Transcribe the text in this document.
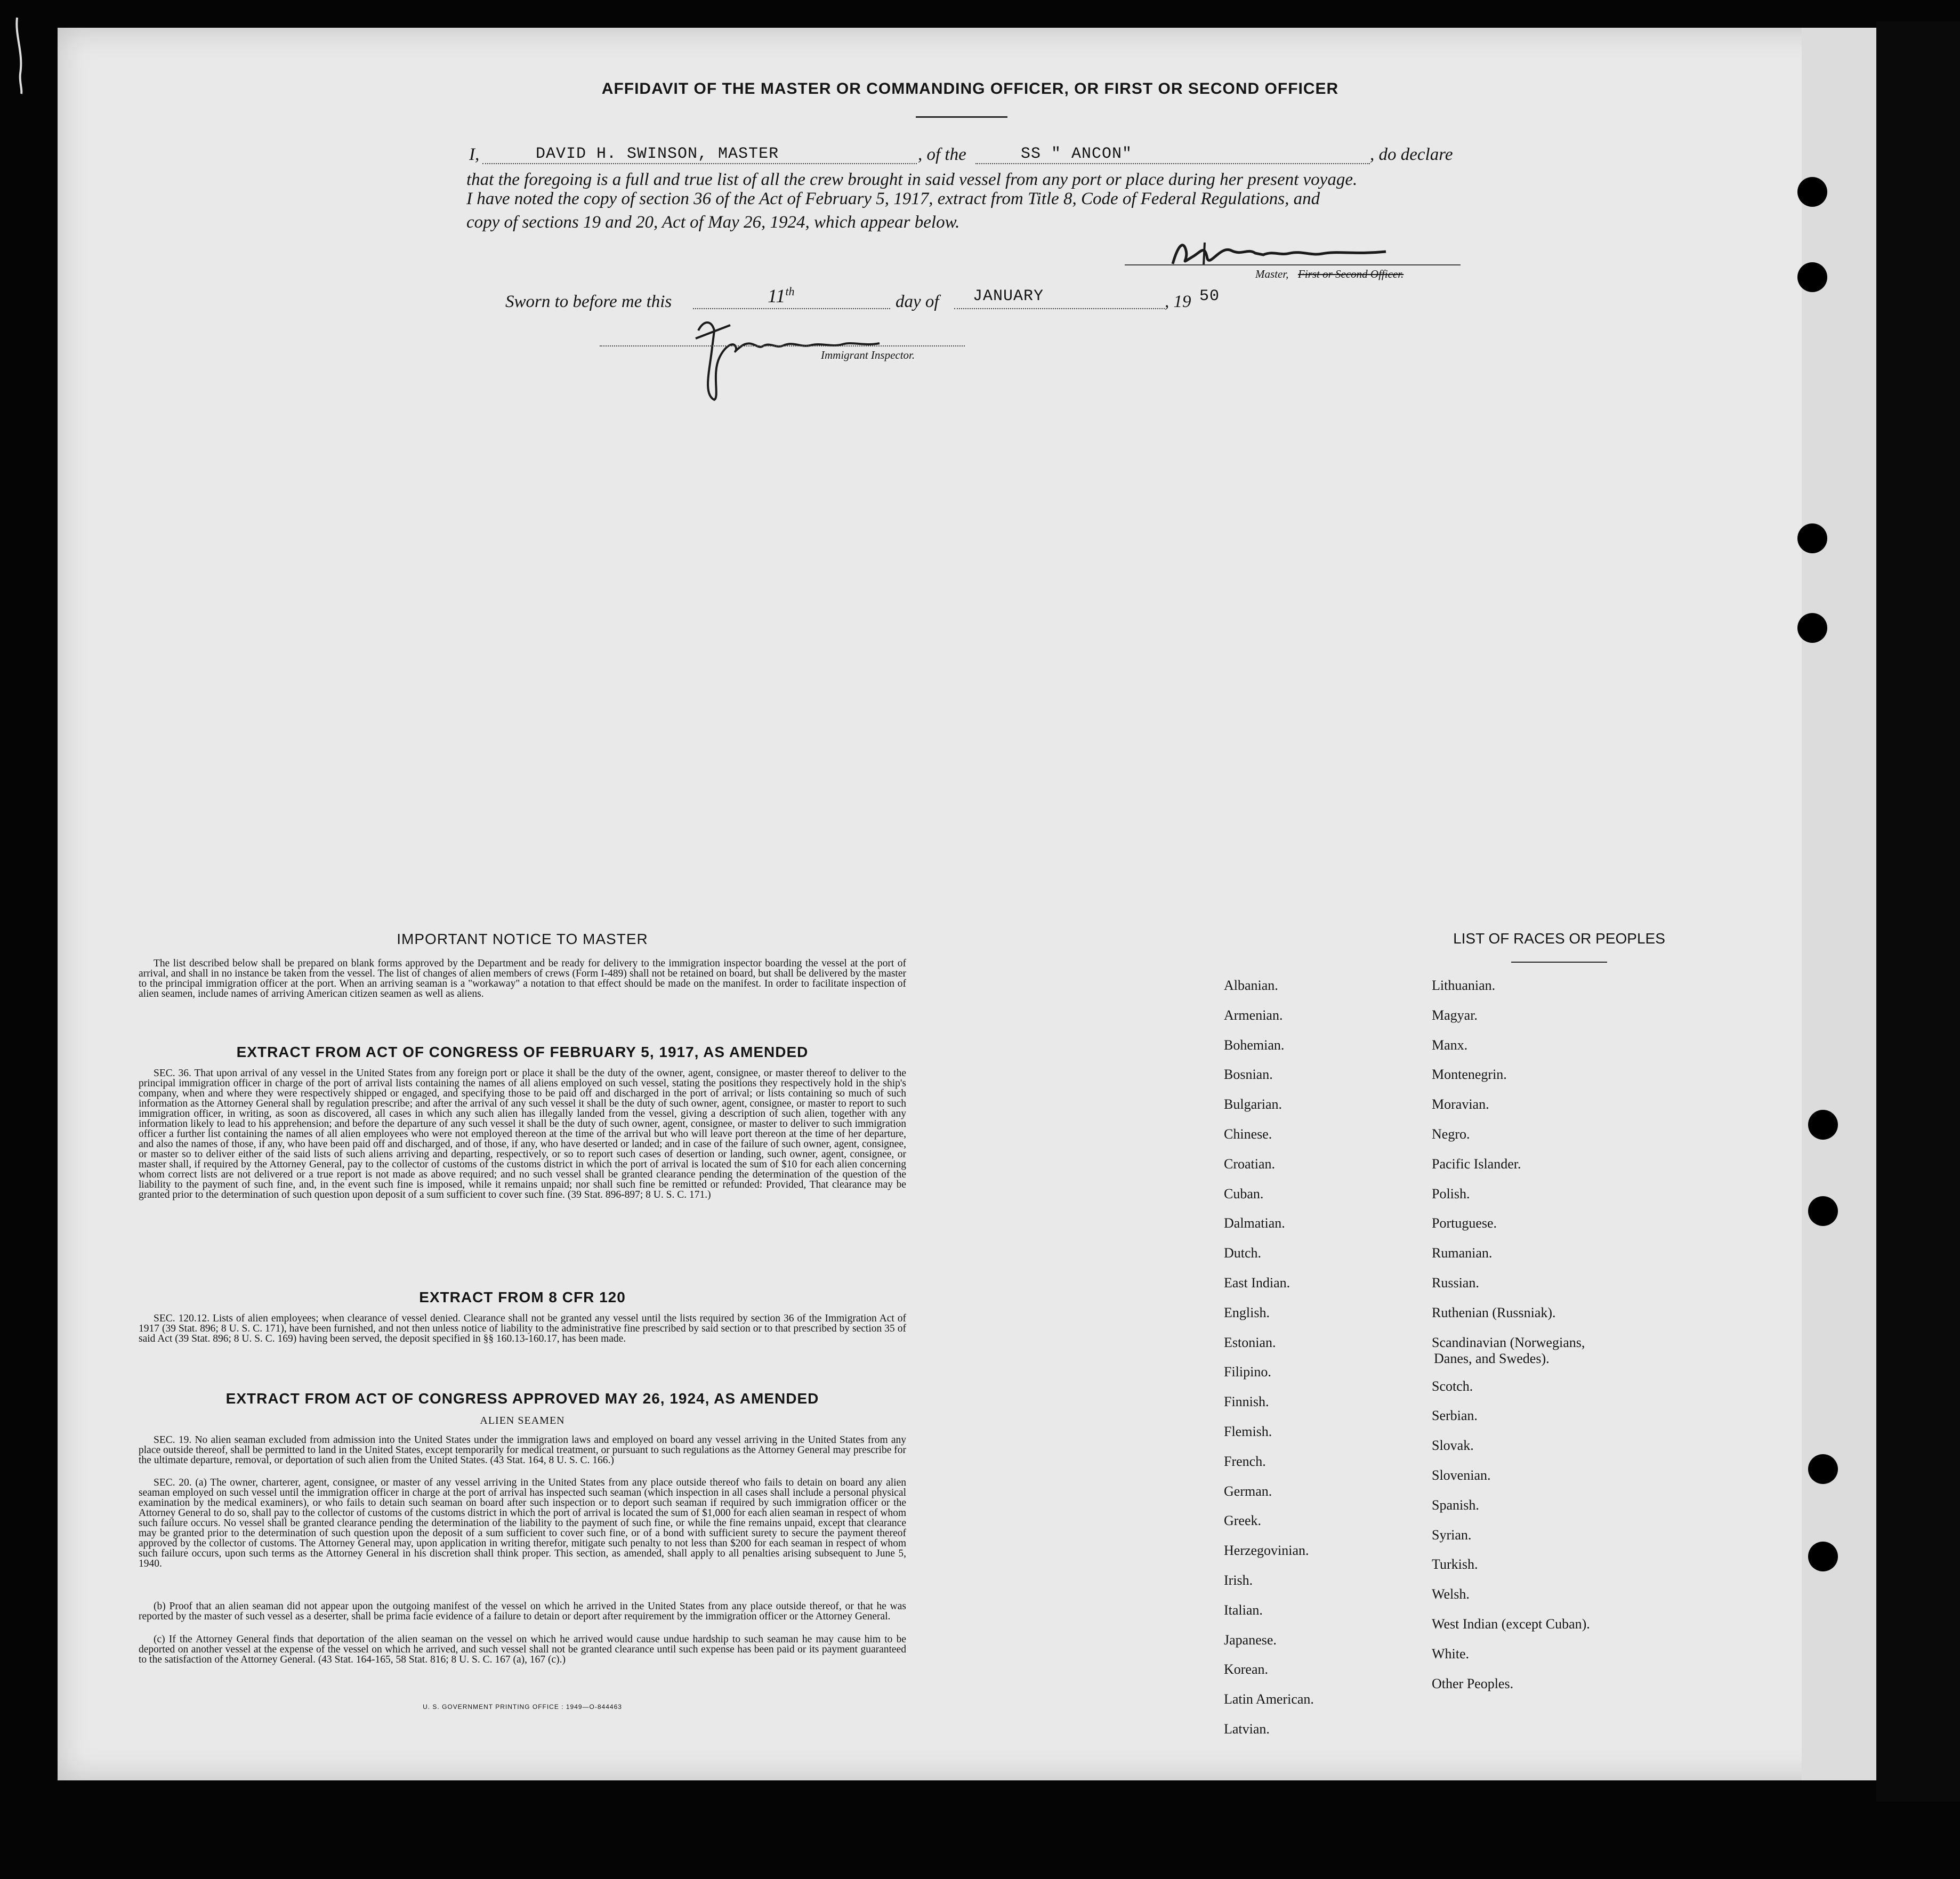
AFFIDAVIT OF THE MASTER OR COMMANDING OFFICER, OR FIRST OR SECOND OFFICER
I,	DAVID H. SWINSON, MASTER	, of the	SS " ANCON"	, do declare
that the foregoing is a full and true list of all the crew brought in said vessel from any port or place during her present voyage.
I have noted the copy of section 36 of the Act of February 5, 1917, extract from Title 8, Code of Federal Regulations, and
copy of sections 19 and 20, Act of May 26, 1924, which appear below.
Master, First or Second Officer.
Sworn to before me this	11th
day of JANUARY	, 19 50
Immigrant Inspector.
IMPORTANT NOTICE TO MASTER
The list described below shall be prepared on blank forms approved by the Department and be ready for delivery to the immigration inspector boarding the vessel at the port of arrival, and shall in no instance be taken from the vessel. The list of changes of alien members of crews (Form I-489) shall not be retained on board, but shall be delivered by the master to the principal immigration officer at the port. When an arriving seaman is a "workaway" a notation to that effect should be made on the manifest. In order to facilitate inspection of alien seamen, include names of arriving American citizen seamen as well as aliens.
EXTRACT FROM ACT OF CONGRESS OF FEBRUARY 5, 1917, AS AMENDED
SEC. 36. That upon arrival of any vessel in the United States from any foreign port or place it shall be the duty of the owner, agent, consignee, or master thereof to deliver to the principal immigration officer in charge of the port of arrival lists containing the names of all aliens employed on such vessel, stating the positions they respectively hold in the ship's company, when and where they were respectively shipped or engaged, and specifying those to be paid off and discharged in the port of arrival; or lists containing so much of such information as the Attorney General shall by regulation prescribe; and after the arrival of any such vessel it shall be the duty of such owner, agent, consignee, or master to report to such immigration officer, in writing, as soon as discovered, all cases in which any such alien has illegally landed from the vessel, giving a description of such alien, together with any information likely to lead to his apprehension; and before the departure of any such vessel it shall be the duty of such owner, agent, consignee, or master to deliver to such immigration officer a further list containing the names of all alien employees who were not employed thereon at the time of the arrival but who will leave port thereon at the time of her departure, and also the names of those, if any, who have been paid off and discharged, and of those, if any, who have deserted or landed; and in case of the failure of such owner, agent, consignee, or master so to deliver either of the said lists of such aliens arriving and departing, respectively, or so to report such cases of desertion or landing, such owner, agent, consignee, or master shall, if required by the Attorney General, pay to the collector of customs of the customs district in which the port of arrival is located the sum of $10 for each alien concerning whom correct lists are not delivered or a true report is not made as above required; and no such vessel shall be granted clearance pending the determination of the question of the liability to the payment of such fine, and, in the event such fine is imposed, while it remains unpaid; nor shall such fine be remitted or refunded: Provided, That clearance may be granted prior to the determination of such question upon deposit of a sum sufficient to cover such fine. (39 Stat. 896-897; 8 U. S. C. 171.)
EXTRACT FROM 8 CFR 120
SEC. 120.12. Lists of alien employees; when clearance of vessel denied. Clearance shall not be granted any vessel until the lists required by section 36 of the Immigration Act of 1917 (39 Stat. 896; 8 U. S. C. 171), have been furnished, and not then unless notice of liability to the administrative fine prescribed by said section or to that prescribed by section 35 of said Act (39 Stat. 896; 8 U. S. C. 169) having been served, the deposit specified in §§ 160.13-160.17, has been made.
EXTRACT FROM ACT OF CONGRESS APPROVED MAY 26, 1924, AS AMENDED
ALIEN SEAMEN
SEC. 19. No alien seaman excluded from admission into the United States under the immigration laws and employed on board any vessel arriving in the United States from any place outside thereof, shall be permitted to land in the United States, except temporarily for medical treatment, or pursuant to such regulations as the Attorney General may prescribe for the ultimate departure, removal, or deportation of such alien from the United States. (43 Stat. 164, 8 U. S. C. 166.)
SEC. 20. (a) The owner, charterer, agent, consignee, or master of any vessel arriving in the United States from any place outside thereof who fails to detain on board any alien seaman employed on such vessel until the immigration officer in charge at the port of arrival has inspected such seaman (which inspection in all cases shall include a personal physical examination by the medical examiners), or who fails to detain such seaman on board after such inspection or to deport such seaman if required by such immigration officer or the Attorney General to do so, shall pay to the collector of customs of the customs district in which the port of arrival is located the sum of $1,000 for each alien seaman in respect of whom such failure occurs. No vessel shall be granted clearance pending the determination of the liability to the payment of such fine, or while the fine remains unpaid, except that clearance may be granted prior to the determination of such question upon the deposit of a sum sufficient to cover such fine, or of a bond with sufficient surety to secure the payment thereof approved by the collector of customs. The Attorney General may, upon application in writing therefor, mitigate such penalty to not less than $200 for each seaman in respect of whom such failure occurs, upon such terms as the Attorney General in his discretion shall think proper. This section, as amended, shall apply to all penalties arising subsequent to June 5, 1940.
(b) Proof that an alien seaman did not appear upon the outgoing manifest of the vessel on which he arrived in the United States from any place outside thereof, or that he was reported by the master of such vessel as a deserter, shall be prima facie evidence of a failure to detain or deport after requirement by the immigration officer or the Attorney General.
(c) If the Attorney General finds that deportation of the alien seaman on the vessel on which he arrived would cause undue hardship to such seaman he may cause him to be deported on another vessel at the expense of the vessel on which he arrived, and such vessel shall not be granted clearance until such expense has been paid or its payment guaranteed to the satisfaction of the Attorney General. (43 Stat. 164-165, 58 Stat. 816; 8 U. S. C. 167 (a), 167 (c).)
U. S. GOVERNMENT PRINTING OFFICE : 1949—O-844463
LIST OF RACES OR PEOPLES
Albanian.
Armenian.
Bohemian.
Bosnian.
Bulgarian.
Chinese.
Croatian.
Cuban.
Dalmatian.
Dutch.
East Indian.
English.
Estonian.
Filipino.
Finnish.
Flemish.
French.
German.
Greek.
Herzegovinian.
Irish.
Italian.
Japanese.
Korean.
Latin American.
Latvian.
Lithuanian.
Magyar.
Manx.
Montenegrin.
Moravian.
Negro.
Pacific Islander.
Polish.
Portuguese.
Rumanian.
Russian.
Ruthenian (Russniak).
Scandinavian (Norwegians,
Danes, and Swedes).
Scotch.
Serbian.
Slovak.
Slovenian.
Spanish.
Syrian.
Turkish.
Welsh.
West Indian (except Cuban).
White.
Other Peoples.
